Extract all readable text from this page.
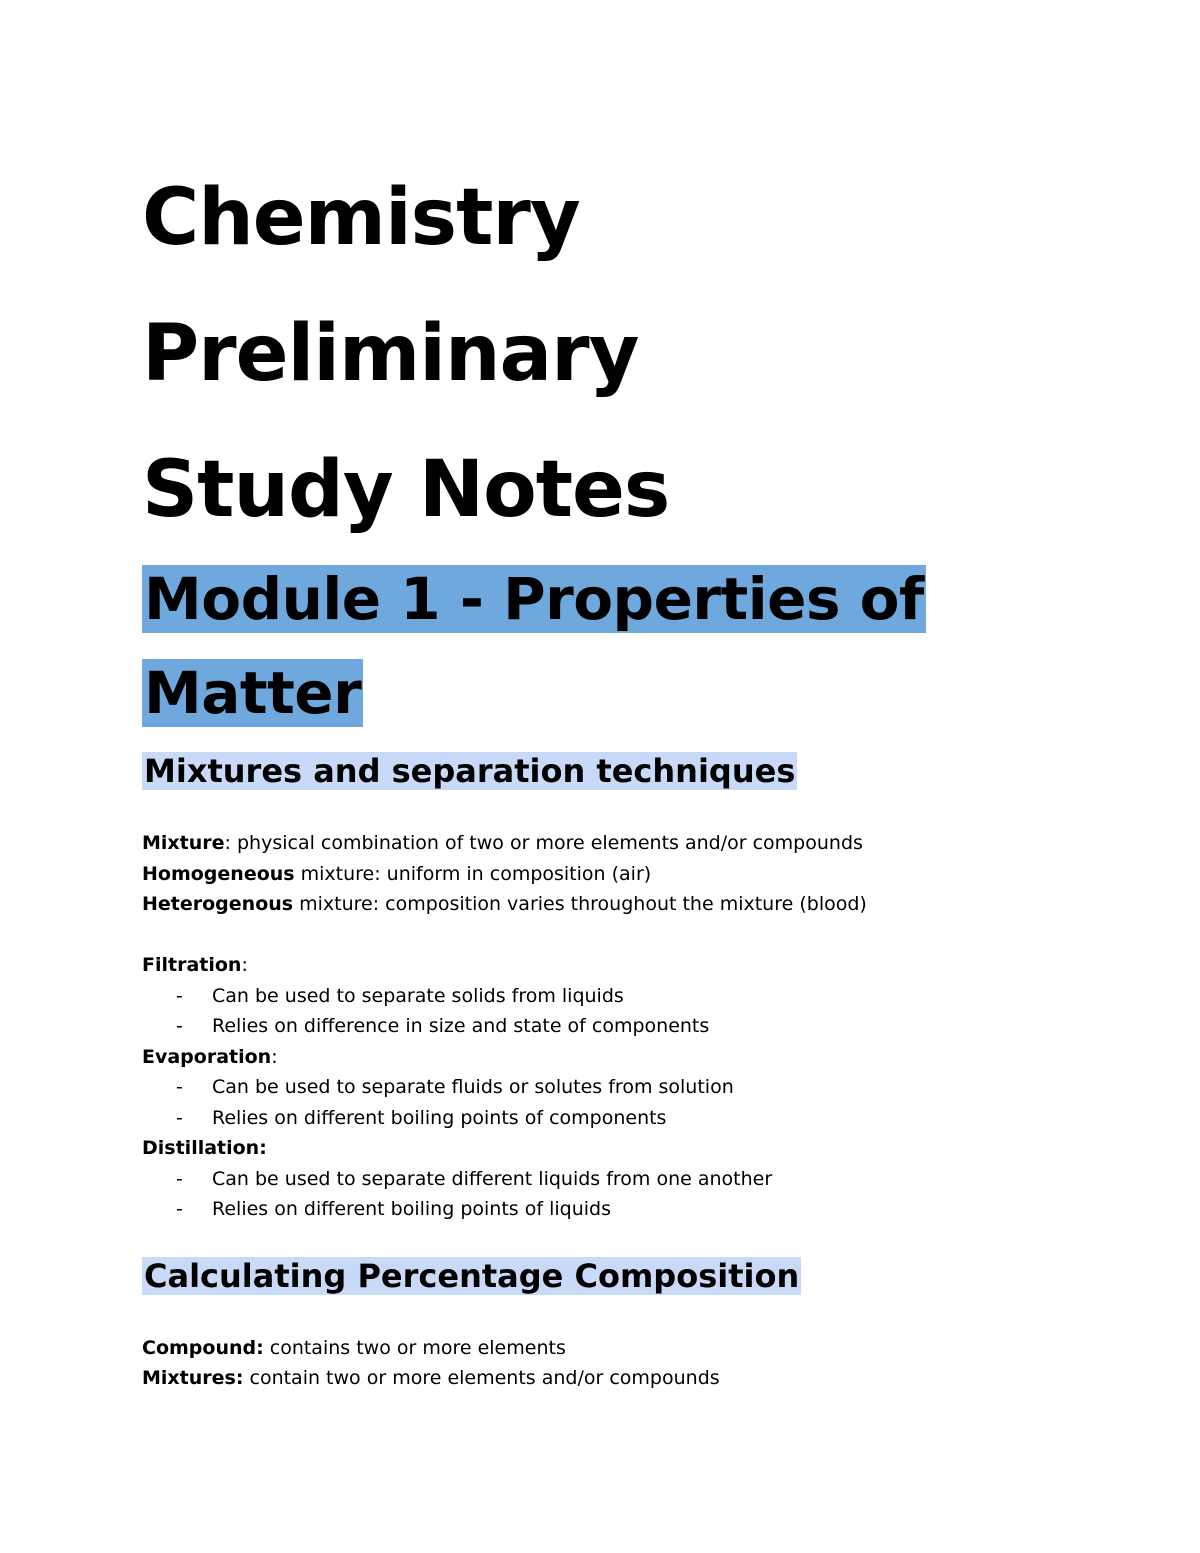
Chemistry
Preliminary
Study Notes
Module 1 - Properties of
Matter
Mixtures and separation techniques
Mixture: physical combination of two or more elements and/or compounds
Homogeneous mixture: uniform in composition (air)
Heterogenous mixture: composition varies throughout the mixture (blood)
Filtration:
- Can be used to separate solids from liquids
- Relies on difference in size and state of components
Evaporation:
- Can be used to separate fluids or solutes from solution
- Relies on different boiling points of components
Distillation:
- Can be used to separate different liquids from one another
- Relies on different boiling points of liquids
Calculating Percentage Composition
Compound: contains two or more elements
Mixtures: contain two or more elements and/or compounds
